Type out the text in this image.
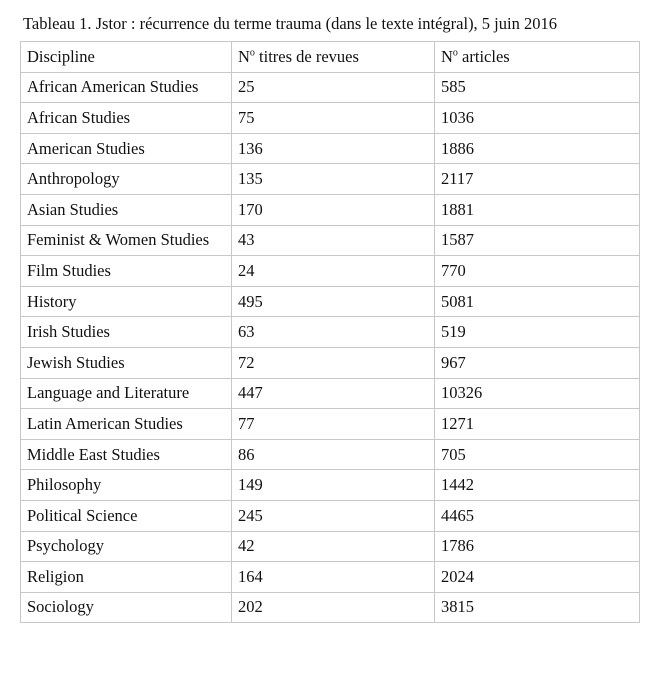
Tableau 1. Jstor : récurrence du terme trauma (dans le texte intégral), 5 juin 2016
Discipline	$N^o$ titres de revues	$N^o$ articles
African American Studies	25	585
African Studies	75	1036
American Studies	136	1886
Anthropology	135	2117
Asian Studies	170	1881
Feminist & Women Studies	43	1587
Film Studies	24	770
History	495	5081
Irish Studies	63	519
Jewish Studies	72	967
Language and Literature	447	10326
Latin American Studies	77	1271
Middle East Studies	86	705
Philosophy	149	1442
Political Science	245	4465
Psychology	42	1786
Religion	164	2024
Sociology	202	3815
